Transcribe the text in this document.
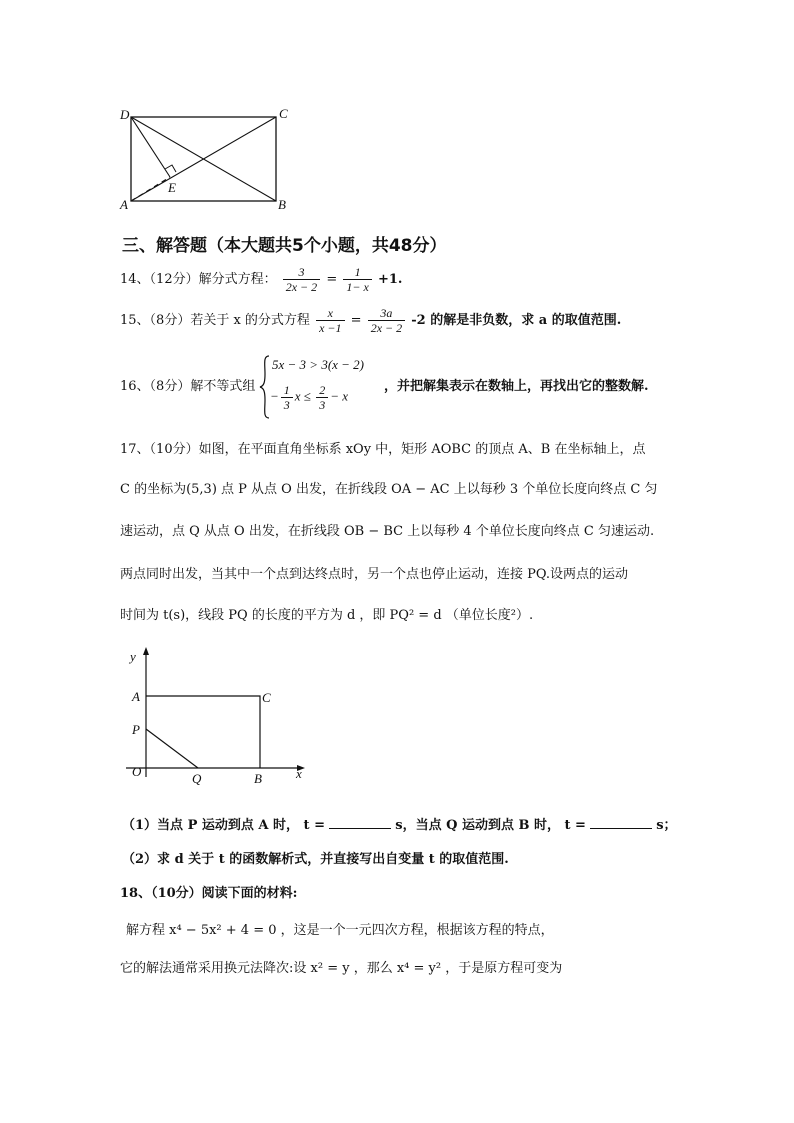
D	C
A	B
E
三、解答题（本大题共5个小题，共48分）
14、（12分）解分式方程： $\frac{3}{2x - 2} = \frac{1}{1- x} +1$.
15、（8分）若关于 x 的分式方程 $\frac{x}{x -1} = \frac{3a}{2x - 2} -2$ 的解是非负数，求 a 的取值范围.
16、（8分）解不等式组
5x − 3 > 3(x − 2)
− $\frac{1}{3}$ $x \le \frac{2}{3} - x$
，并把解集表示在数轴上，再找出它的整数解.
17、（10分）如图，在平面直角坐标系 xOy 中，矩形 AOBC 的顶点 A、B 在坐标轴上，点
C 的坐标为(5,3) 点 P 从点 O 出发，在折线段 OA − AC 上以每秒 3 个单位长度向终点 C 匀
速运动，点 Q 从点 O 出发，在折线段 OB − BC 上以每秒 4 个单位长度向终点 C 匀速运动.
两点同时出发，当其中一个点到达终点时，另一个点也停止运动，连接 PQ.设两点的运动
时间为 t(s)，线段 PQ 的长度的平方为 d ，即 PQ² = d （单位长度²）.
y
A	C
P
O	Q	B	x
（1）当点 P 运动到点 A 时， t =	s，当点 Q 运动到点 B 时， t =	s；
（2）求 d 关于 t 的函数解析式，并直接写出自变量 t 的取值范围.
18、（10分）阅读下面的材料:
解方程 x⁴ − 5x² + 4 = 0 ，这是一个一元四次方程，根据该方程的特点，
它的解法通常采用换元法降次:设 x² = y ，那么 x⁴ = y² ，于是原方程可变为
